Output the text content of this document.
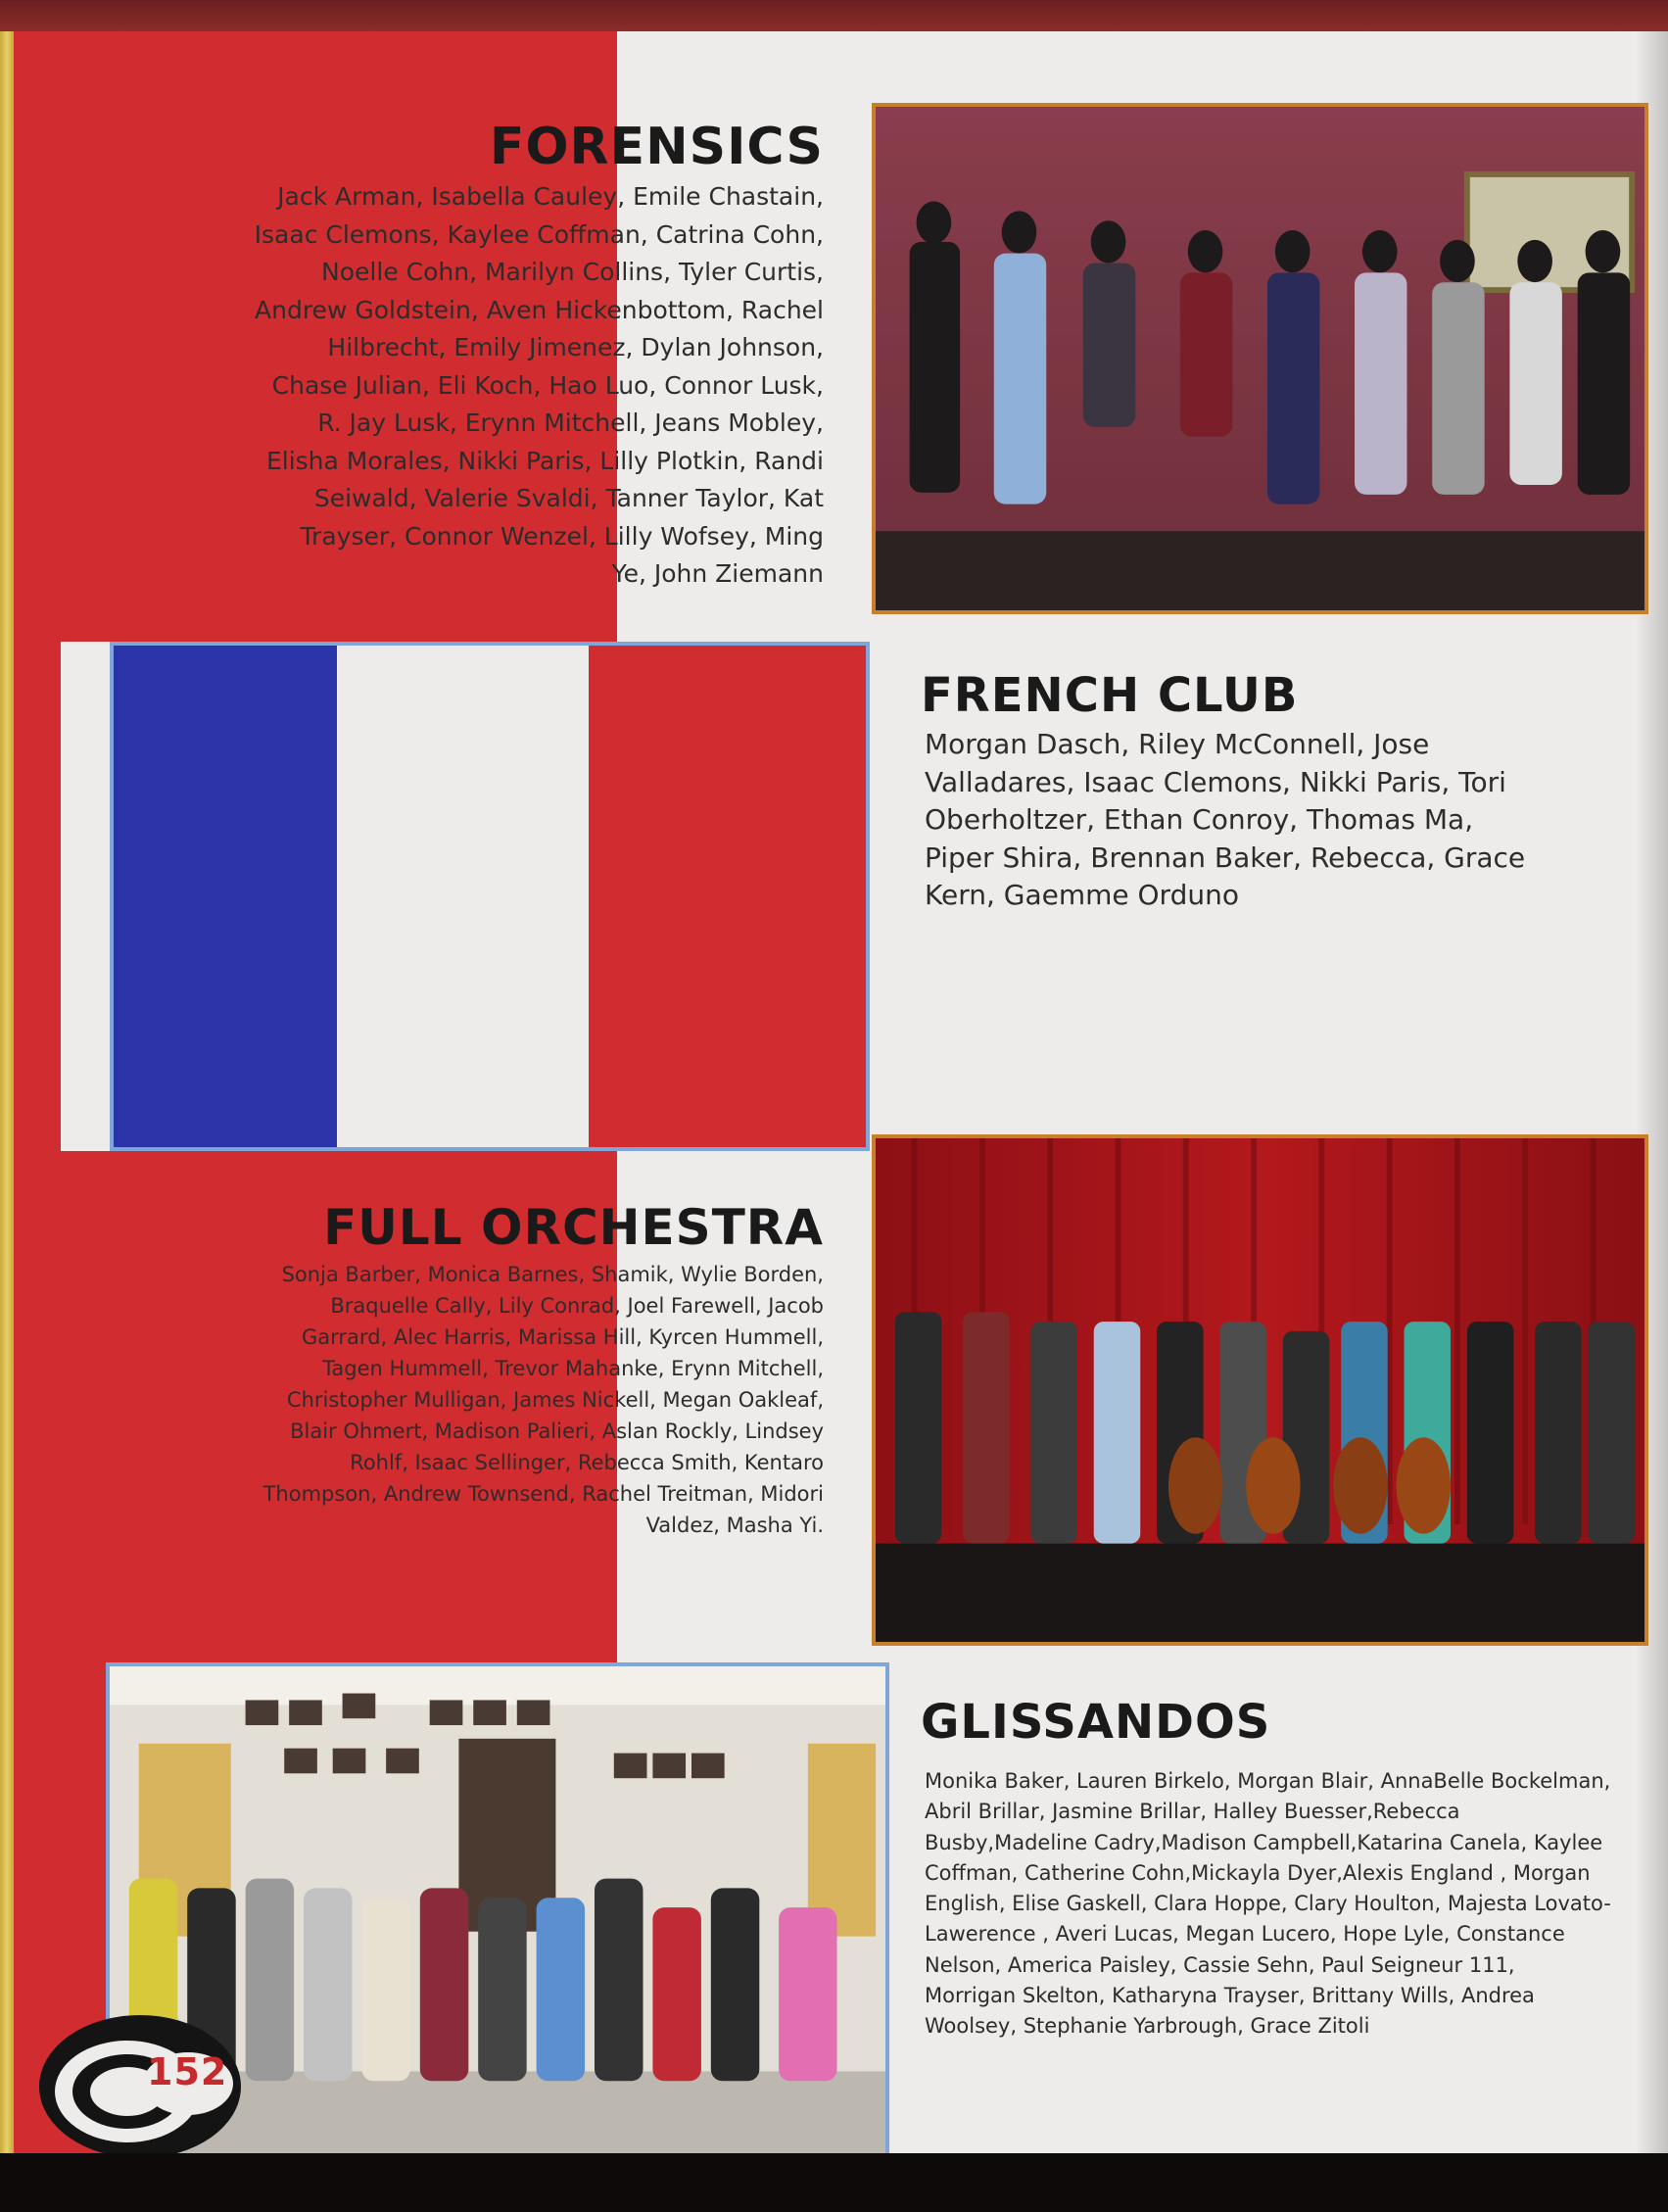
FORENSICS
Jack Arman, Isabella Cauley, Emile Chastain,
Isaac Clemons, Kaylee Coffman, Catrina Cohn,
Noelle Cohn, Marilyn Collins, Tyler Curtis,
Andrew Goldstein, Aven Hickenbottom, Rachel
Hilbrecht, Emily Jimenez, Dylan Johnson,
Chase Julian, Eli Koch, Hao Luo, Connor Lusk,
R. Jay Lusk, Erynn Mitchell, Jeans Mobley,
Elisha Morales, Nikki Paris, Lilly Plotkin, Randi
Seiwald, Valerie Svaldi, Tanner Taylor, Kat
Trayser, Connor Wenzel, Lilly Wofsey, Ming
Ye, John Ziemann
FRENCH CLUB
Morgan Dasch, Riley McConnell, Jose
Valladares, Isaac Clemons, Nikki Paris, Tori
Oberholtzer, Ethan Conroy, Thomas Ma,
Piper Shira, Brennan Baker, Rebecca, Grace
Kern, Gaemme Orduno
FULL ORCHESTRA
Sonja Barber, Monica Barnes, Shamik, Wylie Borden,
Braquelle Cally, Lily Conrad, Joel Farewell, Jacob
Garrard, Alec Harris, Marissa Hill, Kyrcen Hummell,
Tagen Hummell, Trevor Mahanke, Erynn Mitchell,
Christopher Mulligan, James Nickell, Megan Oakleaf,
Blair Ohmert, Madison Palieri, Aslan Rockly, Lindsey
Rohlf, Isaac Sellinger, Rebecca Smith, Kentaro
Thompson, Andrew Townsend, Rachel Treitman, Midori
Valdez, Masha Yi.
GLISSANDOS
Monika Baker, Lauren Birkelo, Morgan Blair, AnnaBelle Bockelman,
Abril Brillar, Jasmine Brillar, Halley Buesser,Rebecca
Busby,Madeline Cadry,Madison Campbell,Katarina Canela, Kaylee
Coffman, Catherine Cohn,Mickayla Dyer,Alexis England , Morgan
English, Elise Gaskell, Clara Hoppe, Clary Houlton, Majesta Lovato-
Lawerence , Averi Lucas, Megan Lucero, Hope Lyle, Constance
Nelson, America Paisley, Cassie Sehn, Paul Seigneur 111,
Morrigan Skelton, Katharyna Trayser, Brittany Wills, Andrea
Woolsey, Stephanie Yarbrough, Grace Zitoli
152
